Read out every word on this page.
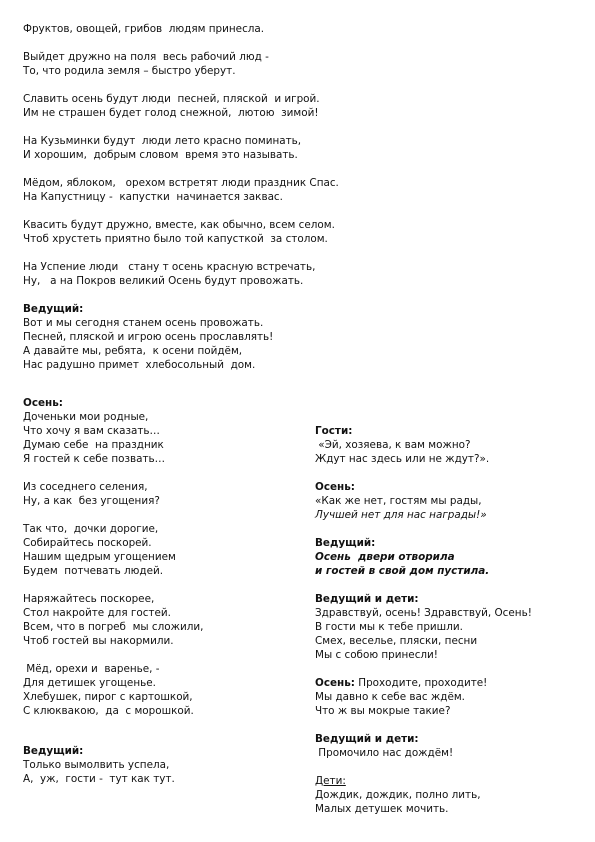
Фруктов, овощей, грибов  людям принесла.
Выйдет дружно на поля  весь рабочий люд -
То, что родила земля – быстро уберут.
Славить осень будут люди  песней, пляской  и игрой.
Им не страшен будет голод снежной,  лютою  зимой!
На Кузьминки будут  люди лето красно поминать,
И хорошим,  добрым словом  время это называть.
Мёдом, яблоком,   орехом встретят люди праздник Спас.
На Капустницу -  капустки  начинается заквас.
Квасить будут дружно, вместе, как обычно, всем селом.
Чтоб хрустеть приятно было той капусткой  за столом.
На Успение люди   стану т осень красную встречать,
Ну,   а на Покров великий Осень будут провожать.
Ведущий:
Вот и мы сегодня станем осень провожать.
Песней, пляской и игрою осень прославлять!
А давайте мы, ребята,  к осени пойдём,
Нас радушно примет  хлебосольный  дом.
Осень:
Доченьки мои родные,
Что хочу я вам сказать…
Думаю себе  на праздник
Я гостей к себе позвать…
Из соседнего селения,
Ну, а как  без угощения?
Так что,  дочки дорогие,
Собирайтесь поскорей.
Нашим щедрым угощением
Будем  потчевать людей.
Наряжайтесь поскорее,
Стол накройте для гостей.
Всем, что в погреб  мы сложили,
Чтоб гостей вы накормили.
Мёд, орехи и  варенье, -
Для детишек угощенье.
Хлебушек, пирог с картошкой,
С клюквакою,  да  с морошкой.
Ведущий:
Только вымолвить успела,
А,  уж,  гости -  тут как тут.
Гости:
«Эй, хозяева, к вам можно?
Ждут нас здесь или не ждут?».
Осень:
«Как же нет, гостям мы рады,
Лучшей нет для нас награды!»
Ведущий:
Осень  двери отворила
и гостей в свой дом пустила.
Ведущий и дети:
Здравствуй, осень! Здравствуй, Осень!
В гости мы к тебе пришли.
Смех, веселье, пляски, песни
Мы с собою принесли!
Осень: Проходите, проходите!
Мы давно к себе вас ждём.
Что ж вы мокрые такие?
Ведущий и дети:
Промочило нас дождём!
Дети:
Дождик, дождик, полно лить,
Малых детушек мочить.
